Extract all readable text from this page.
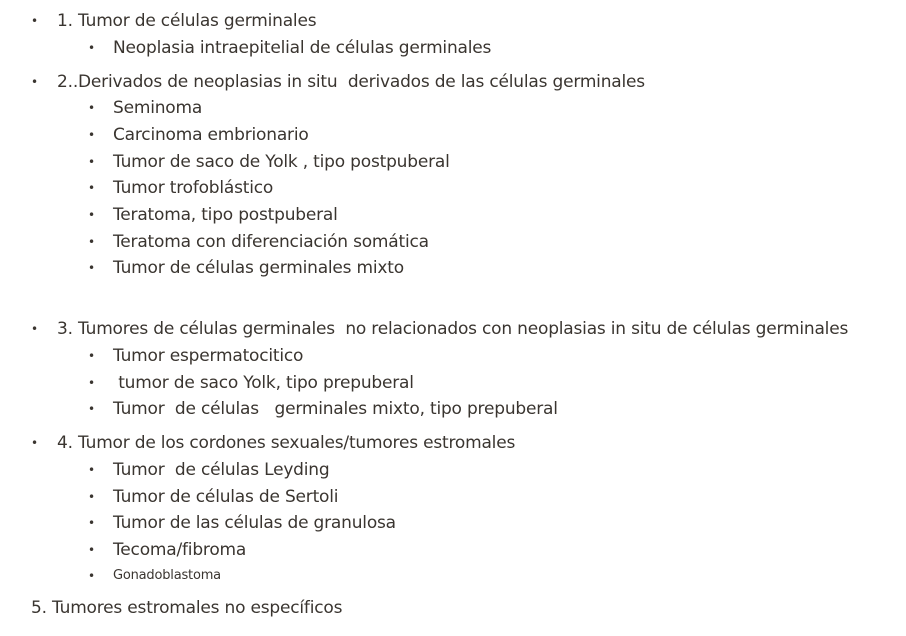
• 1. Tumor de células germinales
• Neoplasia intraepitelial de células germinales
• 2..Derivados de neoplasias in situ  derivados de las células germinales
• Seminoma
• Carcinoma embrionario
• Tumor de saco de Yolk , tipo postpuberal
• Tumor trofoblástico
• Teratoma, tipo postpuberal
• Teratoma con diferenciación somática
• Tumor de células germinales mixto
• 3. Tumores de células germinales  no relacionados con neoplasias in situ de células germinales
• Tumor espermatocitico
• tumor de saco Yolk, tipo prepuberal
• Tumor  de células   germinales mixto, tipo prepuberal
• 4. Tumor de los cordones sexuales/tumores estromales
• Tumor  de células Leyding
• Tumor de células de Sertoli
• Tumor de las células de granulosa
• Tecoma/fibroma
• Gonadoblastoma
5. Tumores estromales no específicos
